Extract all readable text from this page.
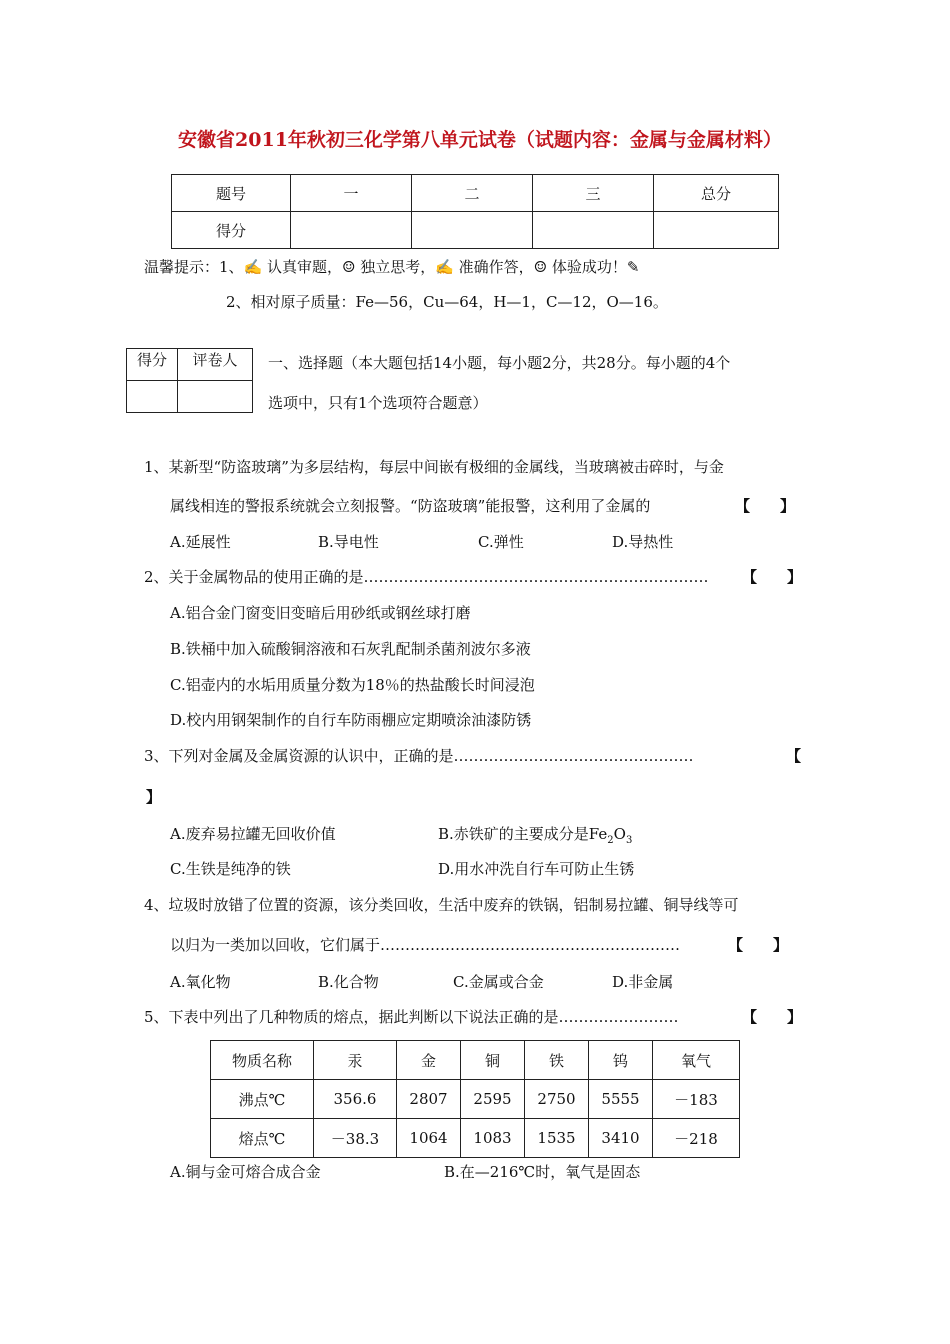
安徽省2011年秋初三化学第八单元试卷（试题内容：金属与金属材料）
题号	一	二	三	总分
得分				
温馨提示：1、✍ 认真审题，☺ 独立思考，✍ 准确作答，☺ 体验成功！✎
2、相对原子质量：Fe—56，Cu—64，H—1，C—12，O—16。
得分	评卷人
	一、选择题（本大题包括14小题，每小题2分，共28分。每小题的4个
选项中，只有1个选项符合题意）
1、某新型“防盗玻璃”为多层结构，每层中间嵌有极细的金属线，当玻璃被击碎时，与金
属线相连的警报系统就会立刻报警。“防盗玻璃”能报警，这利用了金属的	【　　】
A.延展性	B.导电性	C.弹性	D.导热性
2、关于金属物品的使用正确的是…………………………………………………………… 【　　】
A.铝合金门窗变旧变暗后用砂纸或钢丝球打磨
B.铁桶中加入硫酸铜溶液和石灰乳配制杀菌剂波尔多液
C.铝壶内的水垢用质量分数为18％的热盐酸长时间浸泡
D.校内用钢架制作的自行车防雨棚应定期喷涂油漆防锈
3、下列对金属及金属资源的认识中，正确的是…………………………………………	【
】
A.废弃易拉罐无回收价值	B.赤铁矿的主要成分是$Fe_2O_3$
C.生铁是纯净的铁	D.用水冲洗自行车可防止生锈
4、垃圾时放错了位置的资源，该分类回收，生活中废弃的铁锅，铝制易拉罐、铜导线等可
以归为一类加以回收，它们属于……………………………………………………	【　　】
A.氧化物	B.化合物	C.金属或合金	D.非金属
5、下表中列出了几种物质的熔点，据此判断以下说法正确的是……………………	【　　】
物质名称	汞	金	铜	铁	钨	氧气
沸点℃	356.6	2807	2595	2750	5555	－183
熔点℃	－38.3	1064	1083	1535	3410	－218
A.铜与金可熔合成合金	B.在—216℃时，氧气是固态
